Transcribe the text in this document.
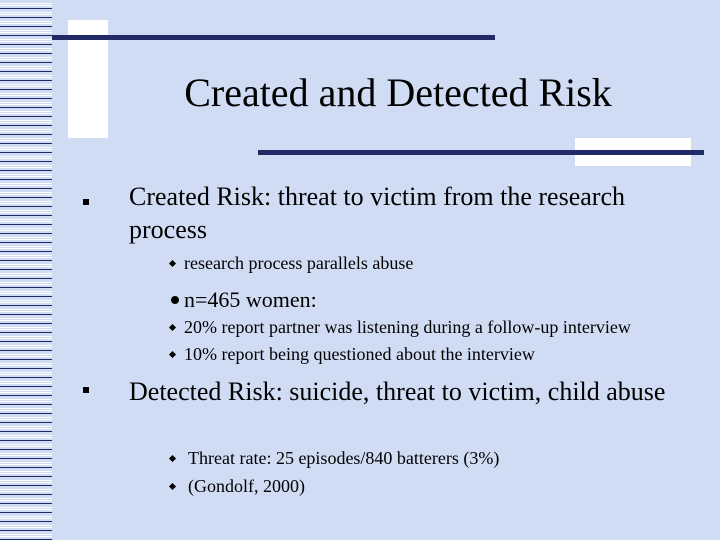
Created and Detected Risk
Created Risk: threat to victim from the research process
research process parallels abuse
n=465 women:
20% report partner was listening during a follow-up interview
10% report being questioned about the interview
Detected Risk: suicide, threat to victim, child abuse
Threat rate: 25 episodes/840 batterers (3%)
(Gondolf, 2000)
